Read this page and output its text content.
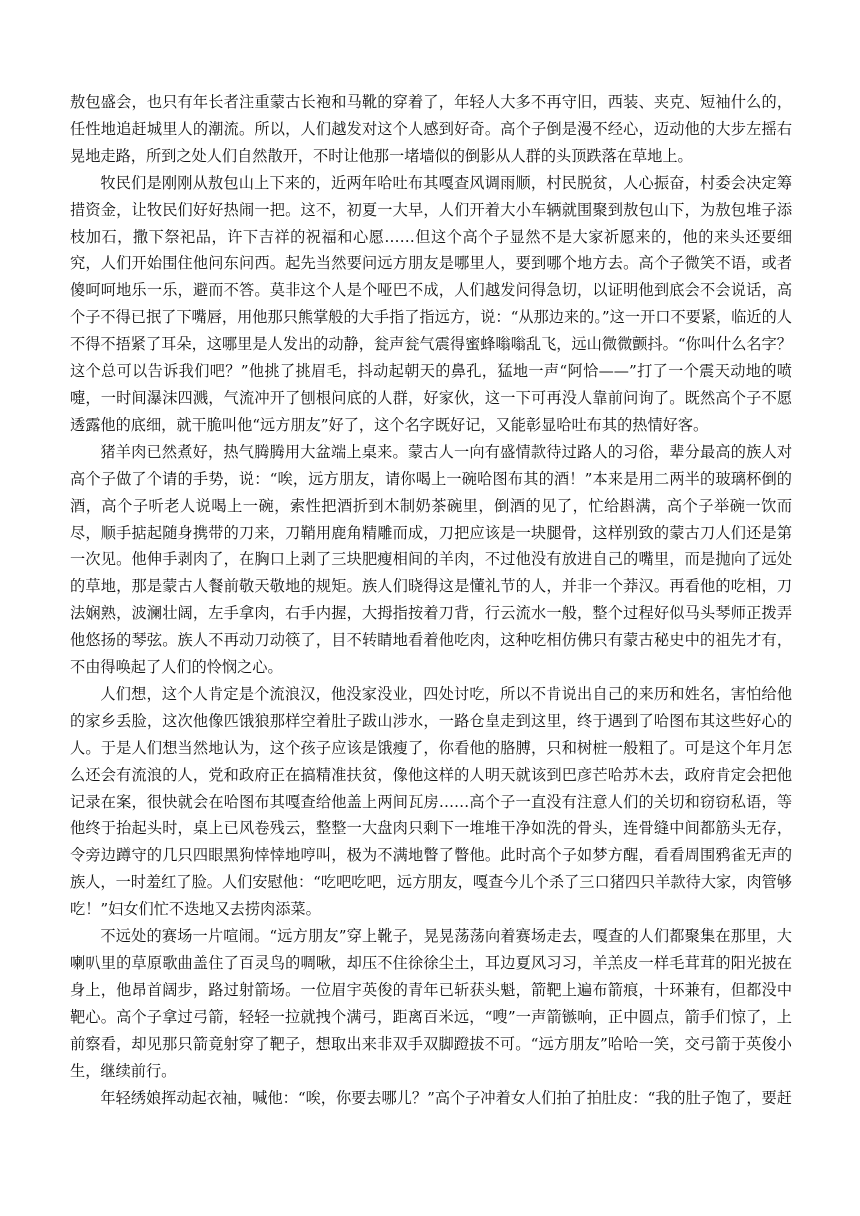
敖包盛会，也只有年长者注重蒙古长袍和马靴的穿着了，年轻人大多不再守旧，西装、夹克、短袖什么的，任性地追赶城里人的潮流。所以，人们越发对这个人感到好奇。高个子倒是漫不经心，迈动他的大步左摇右晃地走路，所到之处人们自然散开，不时让他那一堵墙似的倒影从人群的头顶跌落在草地上。

牧民们是刚刚从敖包山上下来的，近两年哈吐布其嘎查风调雨顺，村民脱贫，人心振奋，村委会决定筹措资金，让牧民们好好热闹一把。这不，初夏一大早，人们开着大小车辆就围聚到敖包山下，为敖包堆子添枝加石，撒下祭祀品，许下吉祥的祝福和心愿……但这个高个子显然不是大家祈愿来的，他的来头还要细究，人们开始围住他问东问西。起先当然要问远方朋友是哪里人，要到哪个地方去。高个子微笑不语，或者傻呵呵地乐一乐，避而不答。莫非这个人是个哑巴不成，人们越发问得急切，以证明他到底会不会说话，高个子不得已抿了下嘴唇，用他那只熊掌般的大手指了指远方，说：“从那边来的。”这一开口不要紧，临近的人不得不捂紧了耳朵，这哪里是人发出的动静，瓮声瓮气震得蜜蜂嗡嗡乱飞，远山微微颤抖。“你叫什么名字？这个总可以告诉我们吧？”他挑了挑眉毛，抖动起朝天的鼻孔，猛地一声“阿恰——”打了一个震天动地的喷嚏，一时间瀑沫四溅，气流冲开了刨根问底的人群，好家伙，这一下可再没人靠前问询了。既然高个子不愿透露他的底细，就干脆叫他“远方朋友”好了，这个名字既好记，又能彰显哈吐布其的热情好客。

猪羊肉已然煮好，热气腾腾用大盆端上桌来。蒙古人一向有盛情款待过路人的习俗，辈分最高的族人对高个子做了个请的手势，说：“唉，远方朋友，请你喝上一碗哈图布其的酒！”本来是用二两半的玻璃杯倒的酒，高个子听老人说喝上一碗，索性把酒折到木制奶茶碗里，倒酒的见了，忙给斟满，高个子举碗一饮而尽，顺手掂起随身携带的刀来，刀鞘用鹿角精雕而成，刀把应该是一块腿骨，这样别致的蒙古刀人们还是第一次见。他伸手剥肉了，在胸口上剥了三块肥瘦相间的羊肉，不过他没有放进自己的嘴里，而是抛向了远处的草地，那是蒙古人餐前敬天敬地的规矩。族人们晓得这是懂礼节的人，并非一个莽汉。再看他的吃相，刀法娴熟，波澜壮阔，左手拿肉，右手内握，大拇指按着刀背，行云流水一般，整个过程好似马头琴师正拨弄他悠扬的琴弦。族人不再动刀动筷了，目不转睛地看着他吃肉，这种吃相仿佛只有蒙古秘史中的祖先才有，不由得唤起了人们的怜悯之心。

人们想，这个人肯定是个流浪汉，他没家没业，四处讨吃，所以不肯说出自己的来历和姓名，害怕给他的家乡丢脸，这次他像匹饿狼那样空着肚子跋山涉水，一路仓皇走到这里，终于遇到了哈图布其这些好心的人。于是人们想当然地认为，这个孩子应该是饿瘦了，你看他的胳膊，只和树桩一般粗了。可是这个年月怎么还会有流浪的人，党和政府正在搞精准扶贫，像他这样的人明天就该到巴彦芒哈苏木去，政府肯定会把他记录在案，很快就会在哈图布其嘎查给他盖上两间瓦房……高个子一直没有注意人们的关切和窃窃私语，等他终于抬起头时，桌上已风卷残云，整整一大盘肉只剩下一堆堆干净如洗的骨头，连骨缝中间都筋头无存，令旁边蹲守的几只四眼黑狗悻悻地哼叫，极为不满地瞥了瞥他。此时高个子如梦方醒，看看周围鸦雀无声的族人，一时羞红了脸。人们安慰他：“吃吧吃吧，远方朋友，嘎查今儿个杀了三口猪四只羊款待大家，肉管够吃！”妇女们忙不迭地又去捞肉添菜。

不远处的赛场一片喧闹。“远方朋友”穿上靴子，晃晃荡荡向着赛场走去，嘎查的人们都聚集在那里，大喇叭里的草原歌曲盖住了百灵鸟的啁啾，却压不住徐徐尘土，耳边夏风习习，羊羔皮一样毛茸茸的阳光披在身上，他昂首阔步，路过射箭场。一位眉宇英俊的青年已斩获头魁，箭靶上遍布箭痕，十环兼有，但都没中靶心。高个子拿过弓箭，轻轻一拉就拽个满弓，距离百米远，“嗖”一声箭镞响，正中圆点，箭手们惊了，上前察看，却见那只箭竟射穿了靶子，想取出来非双手双脚蹬拔不可。“远方朋友”哈哈一笑，交弓箭于英俊小生，继续前行。

年轻绣娘挥动起衣袖，喊他：“唉，你要去哪儿？”高个子冲着女人们拍了拍肚皮：“我的肚子饱了，要赶
